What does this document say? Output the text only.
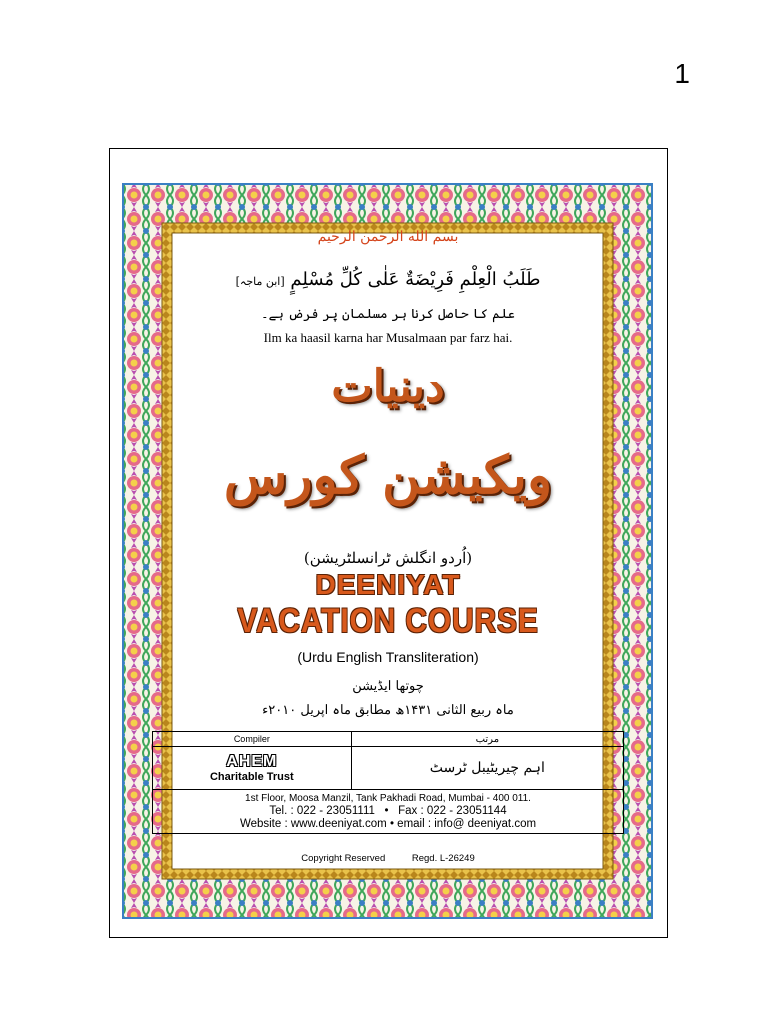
1
بسم الله الرحمن الرحیم
طَلَبُ الْعِلْمِ فَرِيْضَةٌ عَلٰى كُلِّ مُسْلِمٍ [ابن ماجہ]
علم کا حاصل کرنا ہر مسلمان پر فرض ہے۔
Ilm ka haasil karna har Musalmaan par farz hai.
دینیات
ویکیشن کورس
(اُردو انگلش ٹرانسلٹریشن)
DEENIYAT
VACATION COURSE
(Urdu English Transliteration)
چوتھا ایڈیشن
ماہ ربیع الثانی ۱۴۳۱ھ مطابق ماہ اپریل ۲۰۱۰ء
Compiler	مرتب

AHEM
Charitable Trust	اہم چیریٹیبل ٹرسٹ

1st Floor, Moosa Manzil, Tank Pakhadi Road, Mumbai - 400 011.
Tel. : 022 - 23051111   •   Fax : 022 - 23051144
Website : www.deeniyat.com • email : info@ deeniyat.com	
Copyright Reserved	Regd. L-26249
